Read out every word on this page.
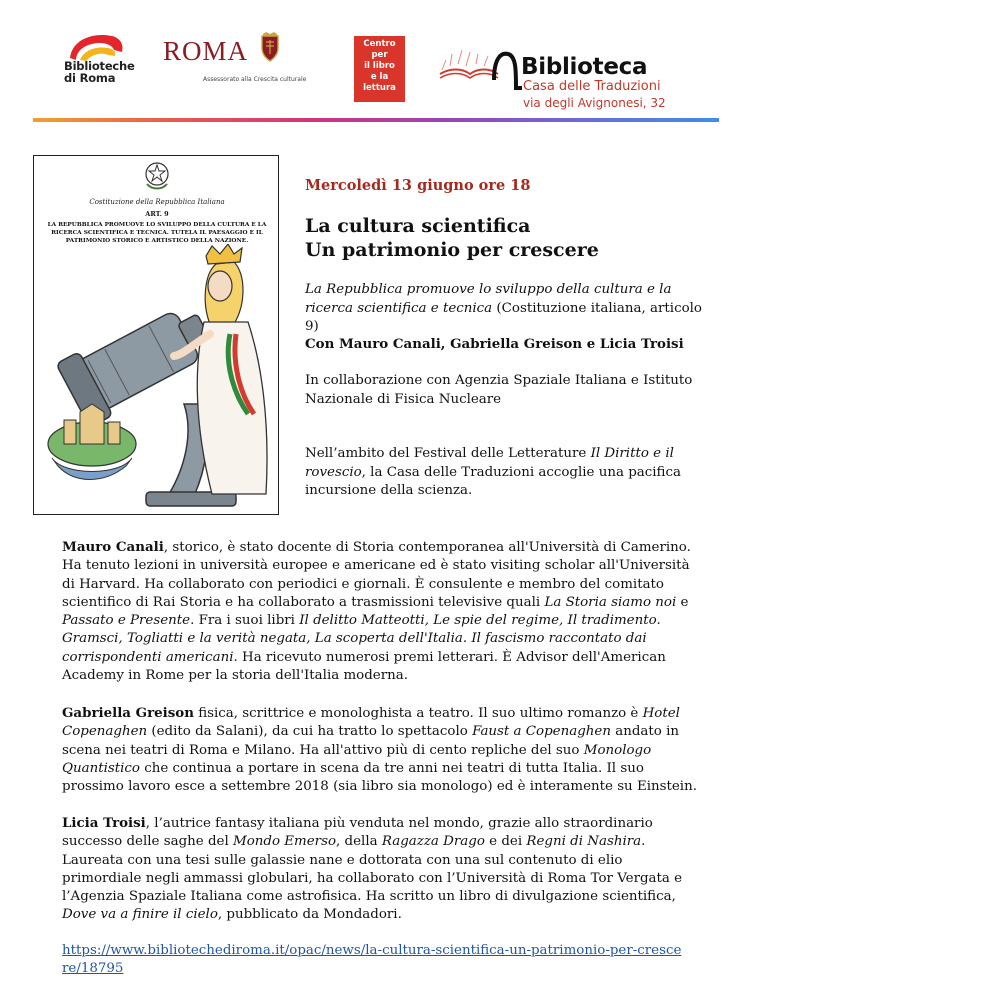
Biblioteche
di Roma
ROMA
Assessorato alla Crescita culturale
Centro
per
il libro
e la
lettura
Biblioteca
Casa delle Traduzioni
via degli Avignonesi, 32
Costituzione della Repubblica Italiana
ART. 9
LA REPUBBLICA PROMUOVE LO SVILUPPO DELLA CULTURA E LA RICERCA SCIENTIFICA E TECNICA. TUTELA IL PAESAGGIO E IL PATRIMONIO STORICO E ARTISTICO DELLA NAZIONE.
Mercoledì 13 giugno ore 18
La cultura scientifica
Un patrimonio per crescere
La Repubblica promuove lo sviluppo della cultura e la ricerca scientifica e tecnica (Costituzione italiana, articolo 9)
Con Mauro Canali, Gabriella Greison e Licia Troisi
In collaborazione con Agenzia Spaziale Italiana e Istituto Nazionale di Fisica Nucleare
Nell’ambito del Festival delle Letterature Il Diritto e il rovescio, la Casa delle Traduzioni accoglie una pacifica incursione della scienza.

Mauro Canali, storico, è stato docente di Storia contemporanea all'Università di Camerino. Ha tenuto lezioni in università europee e americane ed è stato visiting scholar all'Università di Harvard. Ha collaborato con periodici e giornali. È consulente e membro del comitato scientifico di Rai Storia e ha collaborato a trasmissioni televisive quali La Storia siamo noi e Passato e Presente. Fra i suoi libri Il delitto Matteotti, Le spie del regime, Il tradimento. Gramsci, Togliatti e la verità negata, La scoperta dell'Italia. Il fascismo raccontato dai corrispondenti americani. Ha ricevuto numerosi premi letterari. È Advisor dell'American Academy in Rome per la storia dell'Italia moderna.

Gabriella Greison fisica, scrittrice e monologhista a teatro. Il suo ultimo romanzo è Hotel Copenaghen (edito da Salani), da cui ha tratto lo spettacolo Faust a Copenaghen andato in scena nei teatri di Roma e Milano. Ha all'attivo più di cento repliche del suo Monologo Quantistico che continua a portare in scena da tre anni nei teatri di tutta Italia. Il suo prossimo lavoro esce a settembre 2018 (sia libro sia monologo) ed è interamente su Einstein.

Licia Troisi, l’autrice fantasy italiana più venduta nel mondo, grazie allo straordinario successo delle saghe del Mondo Emerso, della Ragazza Drago e dei Regni di Nashira. Laureata con una tesi sulle galassie nane e dottorata con una sul contenuto di elio primordiale negli ammassi globulari, ha collaborato con l’Università di Roma Tor Vergata e l’Agenzia Spaziale Italiana come astrofisica. Ha scritto un libro di divulgazione scientifica, Dove va a finire il cielo, pubblicato da Mondadori.

https://www.bibliotechediroma.it/opac/news/la-cultura-scientifica-un-patrimonio-per-crescere/18795
